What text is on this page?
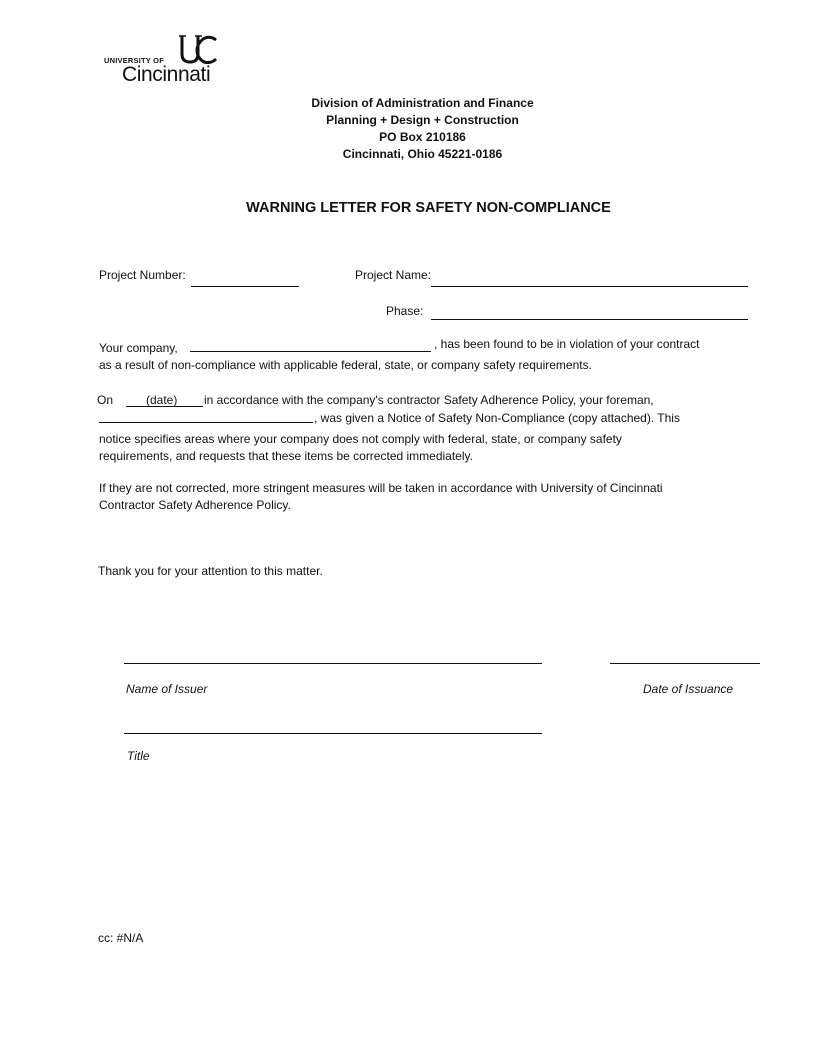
UNIVERSITY OF
Cincinnati
Division of Administration and Finance
Planning + Design + Construction
PO Box 210186
Cincinnati, Ohio 45221-0186
WARNING LETTER FOR SAFETY NON-COMPLIANCE
Project Number:	Project Name:
Phase:
Your company,	, has been found to be in violation of your contract
as a result of non-compliance with applicable federal, state, or company safety requirements.
On	(date) in accordance with the company's contractor Safety Adherence Policy, your foreman,
, was given a Notice of Safety Non-Compliance (copy attached). This
notice specifies areas where your company does not comply with federal, state, or company safety
requirements, and requests that these items be corrected immediately.
If they are not corrected, more stringent measures will be taken in accordance with University of Cincinnati
Contractor Safety Adherence Policy.
Thank you for your attention to this matter.
Name of Issuer	Date of Issuance
Title
cc: #N/A
